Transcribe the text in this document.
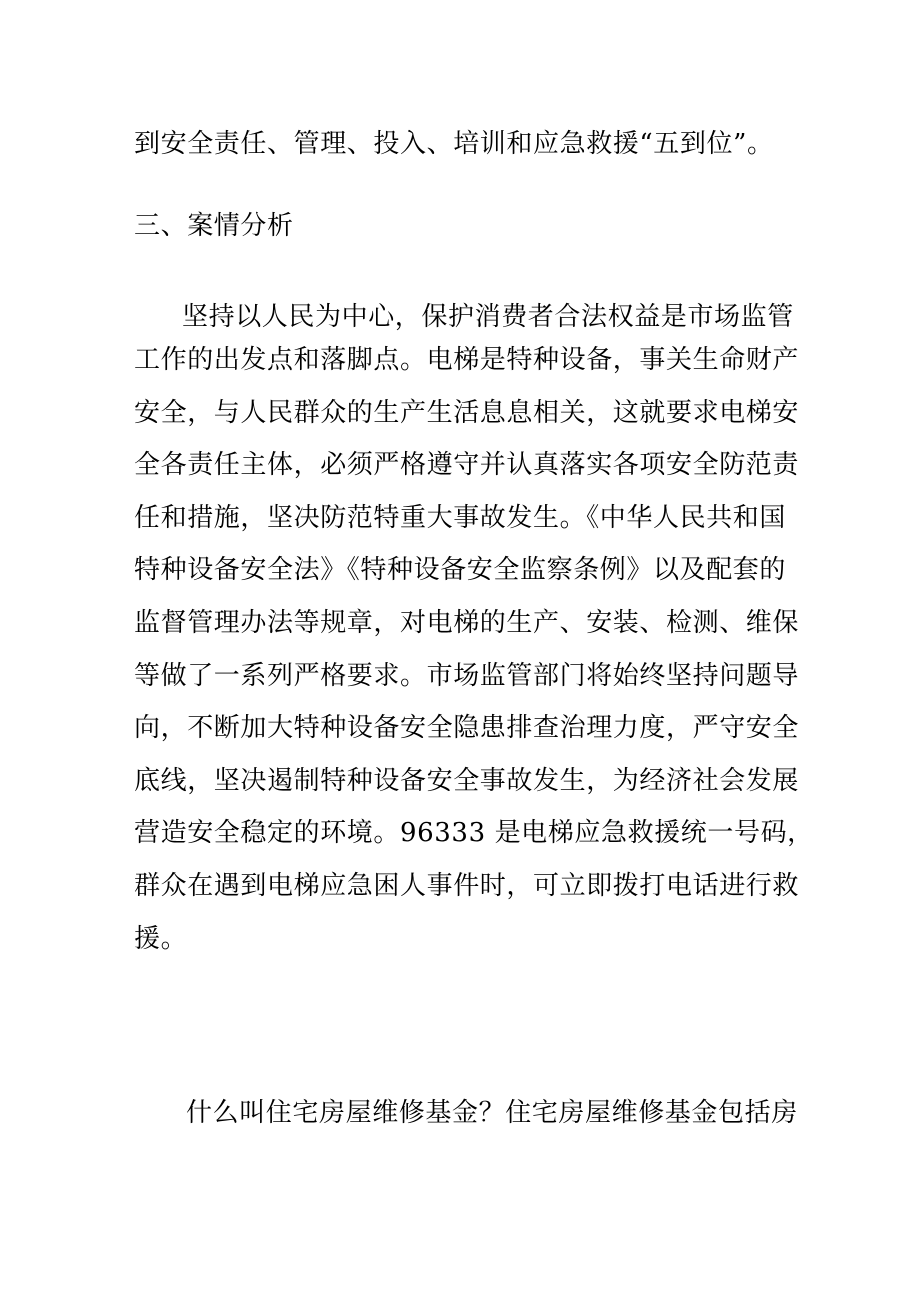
到安全责任、管理、投入、培训和应急救援“五到位”。
三、案情分析
坚持以人民为中心，保护消费者合法权益是市场监管
工作的出发点和落脚点。电梯是特种设备，事关生命财产
安全，与人民群众的生产生活息息相关，这就要求电梯安
全各责任主体，必须严格遵守并认真落实各项安全防范责
任和措施，坚决防范特重大事故发生。《中华人民共和国
特种设备安全法》《特种设备安全监察条例》以及配套的
监督管理办法等规章，对电梯的生产、安装、检测、维保
等做了一系列严格要求。市场监管部门将始终坚持问题导
向，不断加大特种设备安全隐患排查治理力度，严守安全
底线，坚决遏制特种设备安全事故发生，为经济社会发展
营造安全稳定的环境。96333 是电梯应急救援统一号码，
群众在遇到电梯应急困人事件时，可立即拨打电话进行救
援。
什么叫住宅房屋维修基金？住宅房屋维修基金包括房
